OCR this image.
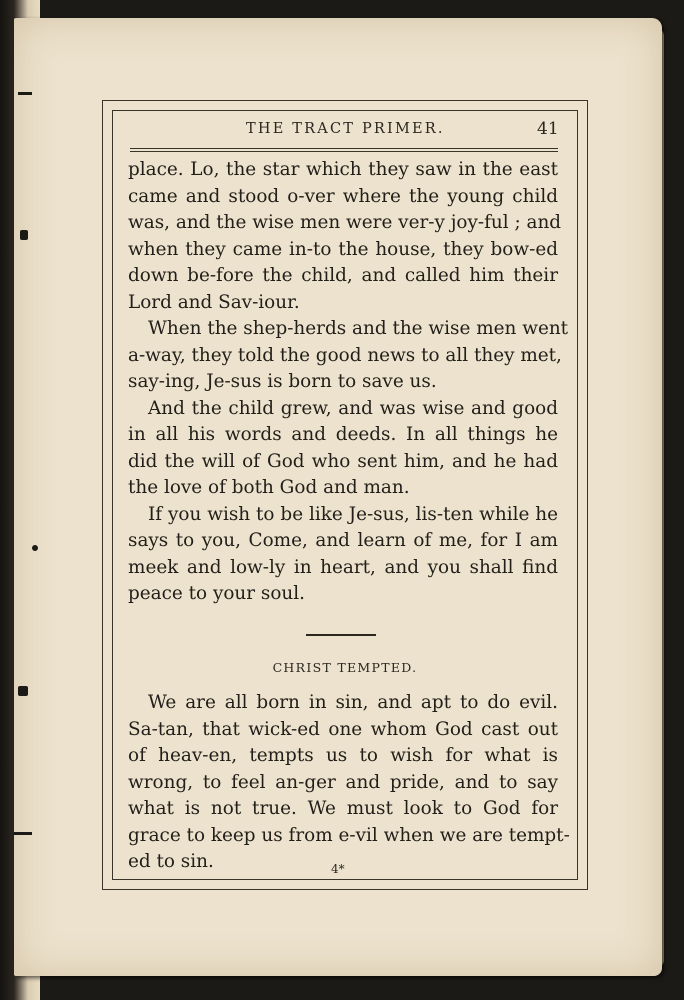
THE TRACT PRIMER.	41

place. Lo, the star which they saw in the east
came and stood o-ver where the young child
was, and the wise men were ver-y joy-ful ; and
when they came in-to the house, they bow-ed
down be-fore the child, and called him their
Lord and Sav-iour.

When the shep-herds and the wise men went
a-way, they told the good news to all they met,
say-ing, Je-sus is born to save us.

And the child grew, and was wise and good
in all his words and deeds. In all things he
did the will of God who sent him, and he had
the love of both God and man.

If you wish to be like Je-sus, lis-ten while he
says to you, Come, and learn of me, for I am
meek and low-ly in heart, and you shall find
peace to your soul.

CHRIST TEMPTED.

We are all born in sin, and apt to do evil.
Sa-tan, that wick-ed one whom God cast out
of heav-en, tempts us to wish for what is
wrong, to feel an-ger and pride, and to say
what is not true. We must look to God for
grace to keep us from e-vil when we are tempt-
ed to sin.	4*
